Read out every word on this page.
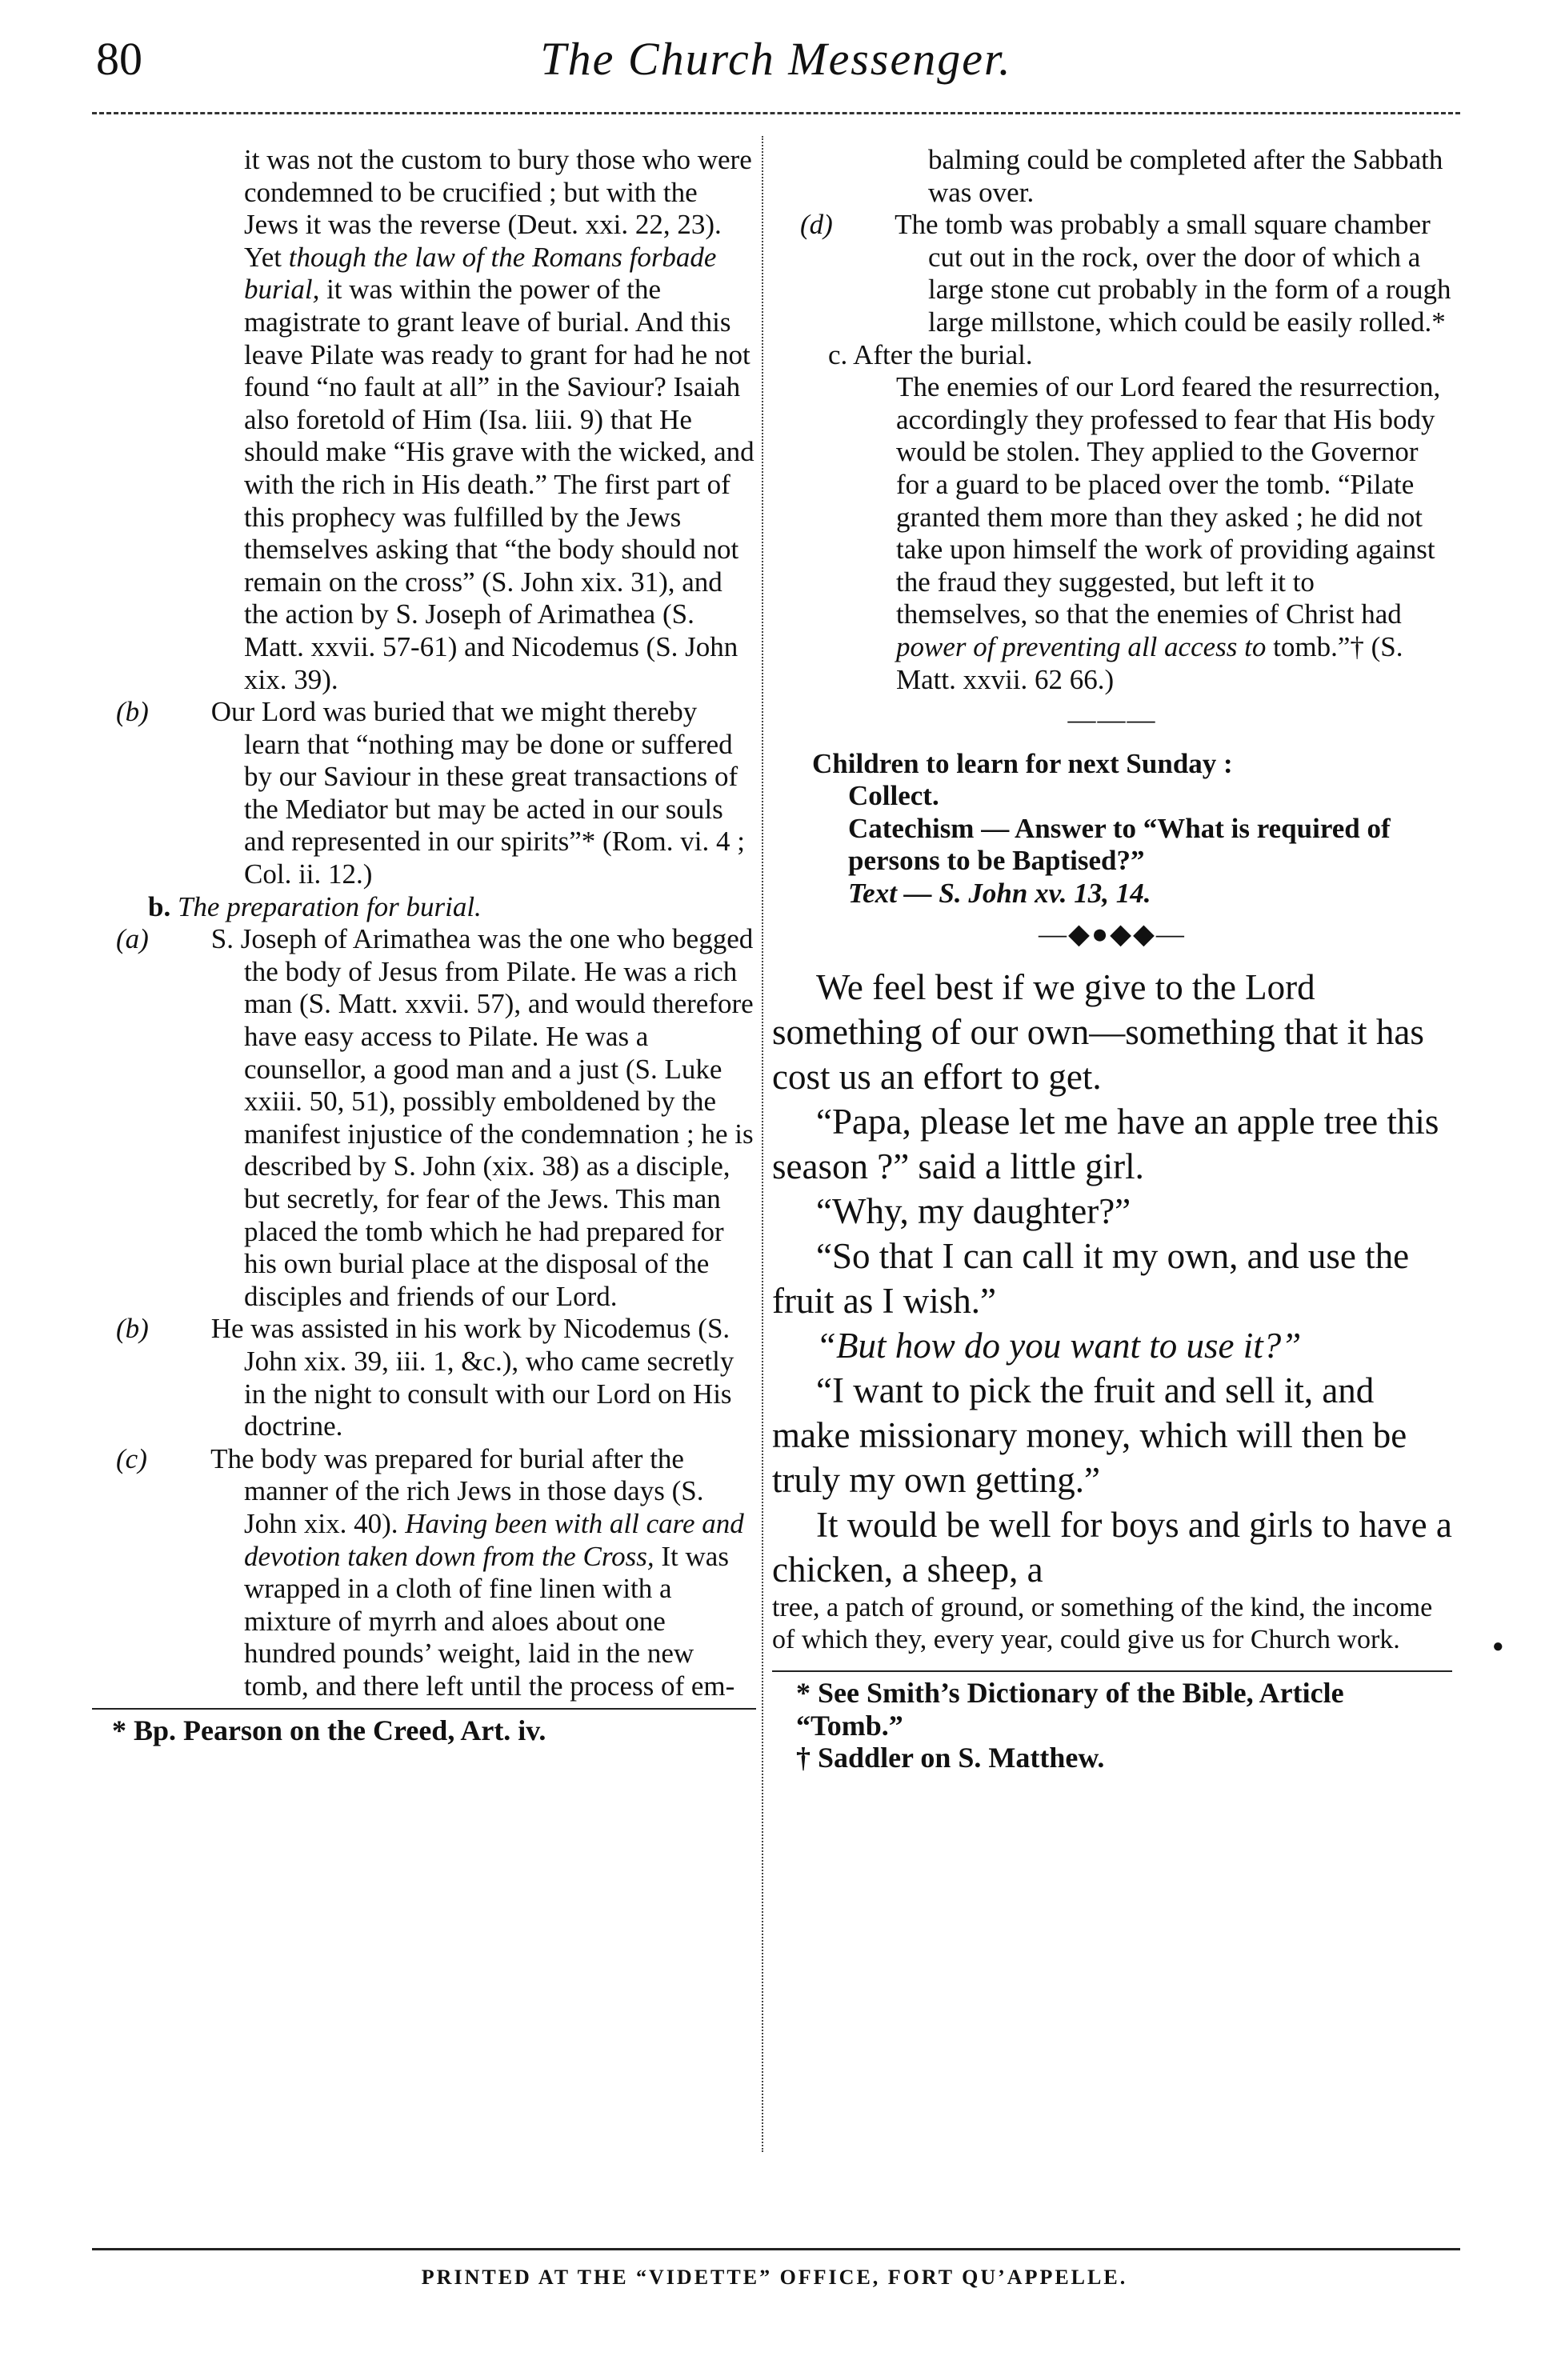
80	The Church Messenger.

it was not the custom to bury those who were condemned to be crucified ; but with the Jews it was the reverse (Deut. xxi. 22, 23). Yet though the law of the Romans forbade burial, it was within the power of the magistrate to grant leave of burial. And this leave Pilate was ready to grant for had he not found “no fault at all” in the Saviour? Isaiah also foretold of Him (Isa. liii. 9) that He should make “His grave with the wicked, and with the rich in His death.” The first part of this prophecy was fulfilled by the Jews themselves asking that “the body should not remain on the cross” (S. John xix. 31), and the action by S. Joseph of Arimathea (S. Matt. xxvii. 57-61) and Nicodemus (S. John xix. 39).

(b) Our Lord was buried that we might thereby learn that “nothing may be done or suffered by our Saviour in these great transactions of the Mediator but may be acted in our souls and represented in our spirits”* (Rom. vi. 4 ; Col. ii. 12.)

b. The preparation for burial.

(a) S. Joseph of Arimathea was the one who begged the body of Jesus from Pilate. He was a rich man (S. Matt. xxvii. 57), and would therefore have easy access to Pilate. He was a counsellor, a good man and a just (S. Luke xxiii. 50, 51), possibly emboldened by the manifest injustice of the condemnation ; he is described by S. John (xix. 38) as a disciple, but secretly, for fear of the Jews. This man placed the tomb which he had prepared for his own burial place at the disposal of the disciples and friends of our Lord.

(b) He was assisted in his work by Nicodemus (S. John xix. 39, iii. 1, &c.), who came secretly in the night to consult with our Lord on His doctrine.

(c) The body was prepared for burial after the manner of the rich Jews in those days (S. John xix. 40). Having been with all care and devotion taken down from the Cross, It was wrapped in a cloth of fine linen with a mixture of myrrh and aloes about one hundred pounds’ weight, laid in the new tomb, and there left until the process of em-

* Bp. Pearson on the Creed, Art. iv.

balming could be completed after the Sabbath was over.

(d) The tomb was probably a small square chamber cut out in the rock, over the door of which a large stone cut probably in the form of a rough large millstone, which could be easily rolled.*

c. After the burial.

The enemies of our Lord feared the resurrection, accordingly they professed to fear that His body would be stolen. They applied to the Governor for a guard to be placed over the tomb. “Pilate granted them more than they asked ; he did not take upon himself the work of providing against the fraud they suggested, but left it to themselves, so that the enemies of Christ had power of preventing all access to tomb.”† (S. Matt. xxvii. 62 66.)

———

Children to learn for next Sunday :

Collect.

Catechism — Answer to “What is required of persons to be Baptised?”

Text — S. John xv. 13, 14.

—◆●◆◆—

We feel best if we give to the Lord something of our own—something that it has cost us an effort to get.

“Papa, please let me have an apple tree this season ?” said a little girl.

“Why, my daughter?”

“So that I can call it my own, and use the fruit as I wish.”

“But how do you want to use it?”

“I want to pick the fruit and sell it, and make missionary money, which will then be truly my own getting.”

It would be well for boys and girls to have a chicken, a sheep, a

tree, a patch of ground, or something of the kind, the income of which they, every year, could give us for Church work.

* See Smith’s Dictionary of the Bible, Article “Tomb.”

† Saddler on S. Matthew.

●
PRINTED AT THE “VIDETTE” OFFICE, FORT QU’APPELLE.
